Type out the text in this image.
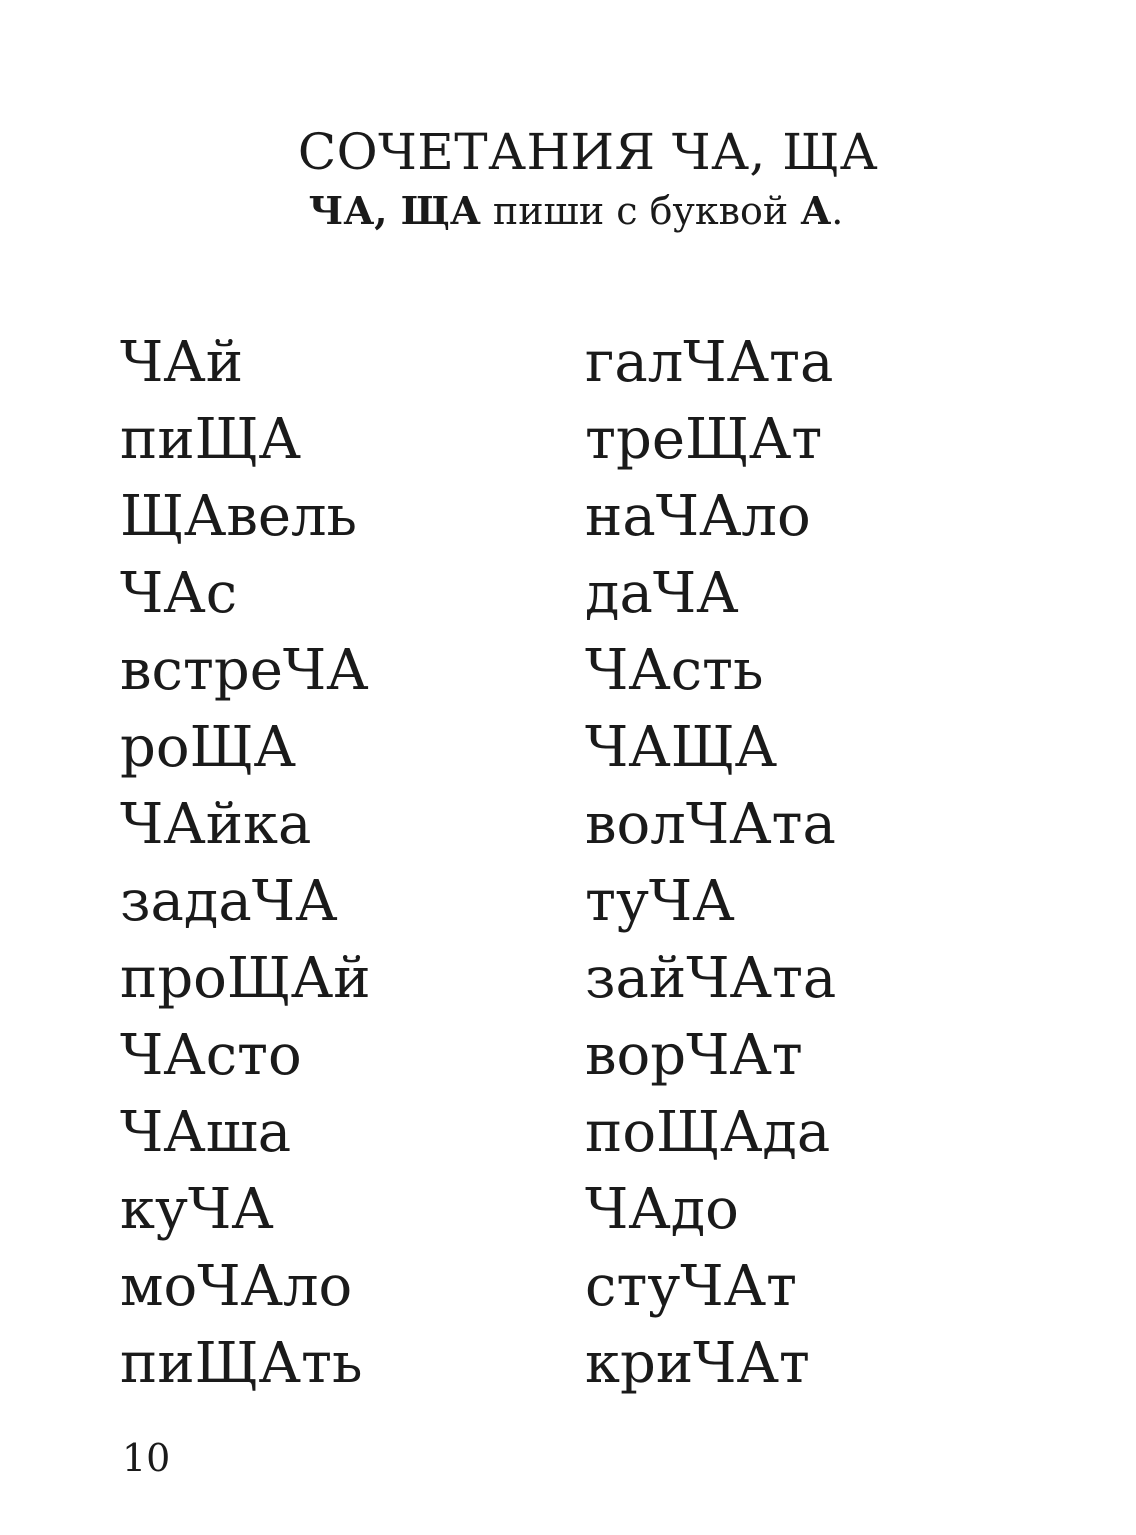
СОЧЕТАНИЯ ЧА, ЩА
ЧА, ЩА пиши с буквой А.
ЧАй
пиЩА
ЩАвель
ЧАс
встреЧА
роЩА
ЧАйка
задаЧА
проЩАй
ЧАсто
ЧАша
куЧА
моЧАло
пиЩАть
галЧАта
треЩАт
наЧАло
даЧА
ЧАсть
ЧАЩА
волЧАта
туЧА
зайЧАта
ворЧАт
поЩАда
ЧАдо
стуЧАт
криЧАт
10
